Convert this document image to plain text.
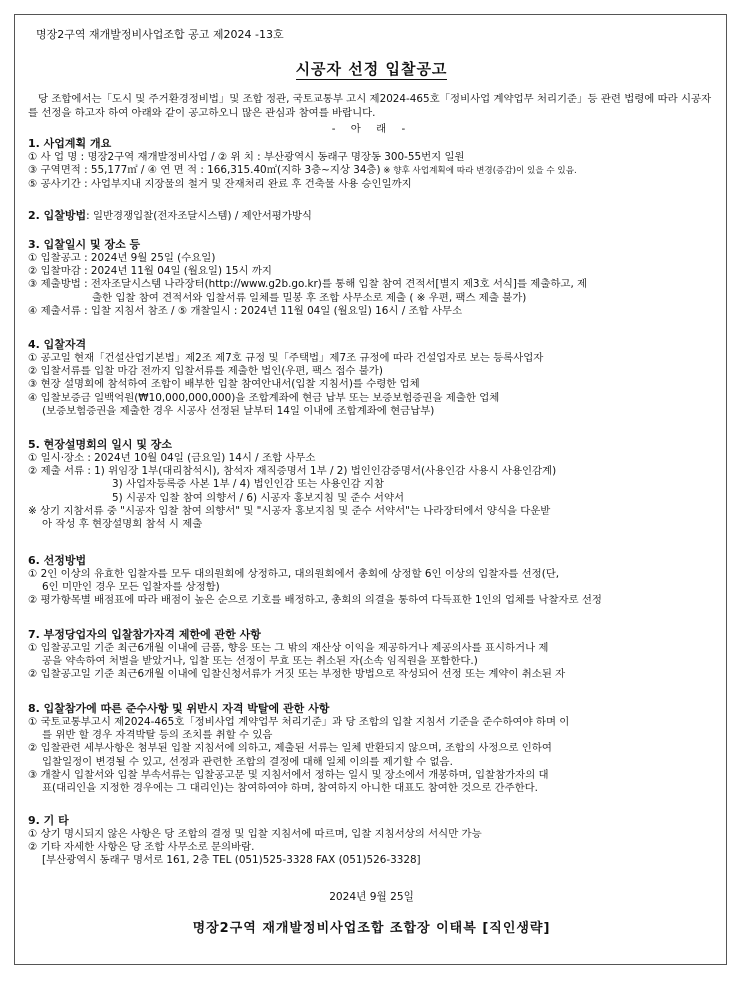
명장2구역 재개발정비사업조합 공고 제2024 -13호
시공자 선정 입찰공고
당 조합에서는「도시 및 주거환경정비법」및 조합 정관, 국토교통부 고시 제2024-465호「정비사업 계약업무 처리기준」등 관련 법령에 따라 시공자를 선정을 하고자 하여 아래와 같이 공고하오니 많은 관심과 참여를 바랍니다.
- 아 래 -
1. 사업계획 개요
① 사 업 명 : 명장2구역 재개발정비사업 / ② 위 치 : 부산광역시 동래구 명장동 300-55번지 일원
③ 구역면적 : 55,177㎡ / ④ 연 면 적 : 166,315.40㎡(지하 3층~지상 34층) ※ 향후 사업계획에 따라 변경(증감)이 있을 수 있음.
⑤ 공사기간 : 사업부지내 지장물의 철거 및 잔재처리 완료 후 건축물 사용 승인일까지
2. 입찰방법: 일반경쟁입찰(전자조달시스템) / 제안서평가방식
3. 입찰일시 및 장소 등
① 입찰공고 : 2024년 9월 25일 (수요일)
② 입찰마감 : 2024년 11월 04일 (월요일) 15시 까지
③ 제출방법 : 전자조달시스템 나라장터(http://www.g2b.go.kr)를 통해 입찰 참여 견적서[별지 제3호 서식]를 제출하고, 제
출한 입찰 참여 견적서와 입찰서류 일체를 밀봉 후 조합 사무소로 제출 ( ※ 우편, 팩스 제출 불가)
④ 제출서류 : 입찰 지침서 참조 / ⑤ 개찰일시 : 2024년 11월 04일 (월요일) 16시 / 조합 사무소
4. 입찰자격
① 공고일 현재「건설산업기본법」제2조 제7호 규정 및「주택법」제7조 규정에 따라 건설업자로 보는 등록사업자
② 입찰서류를 입찰 마감 전까지 입찰서류를 제출한 법인(우편, 팩스 접수 불가)
③ 현장 설명회에 참석하여 조합이 배부한 입찰 참여안내서(입찰 지침서)를 수령한 업체
④ 입찰보증금 일백억원(₩10,000,000,000)을 조합계좌에 현금 납부 또는 보증보험증권을 제출한 업체
(보증보험증권을 제출한 경우 시공사 선정된 날부터 14일 이내에 조합계좌에 현금납부)
5. 현장설명회의 일시 및 장소
① 일시·장소 : 2024년 10월 04일 (금요일) 14시 / 조합 사무소
② 제출 서류 : 1) 위임장 1부(대리참석시), 참석자 재직증명서 1부 / 2) 법인인감증명서(사용인감 사용시 사용인감계)
3) 사업자등록증 사본 1부 / 4) 법인인감 또는 사용인감 지참
5) 시공자 입찰 참여 의향서 / 6) 시공자 홍보지침 및 준수 서약서
※ 상기 지참서류 중 "시공자 입찰 참여 의향서" 및 "시공자 홍보지침 및 준수 서약서"는 나라장터에서 양식을 다운받
아 작성 후 현장설명회 참석 시 제출
6. 선정방법
① 2인 이상의 유효한 입찰자를 모두 대의원회에 상정하고, 대의원회에서 총회에 상정할 6인 이상의 입찰자를 선정(단,
6인 미만인 경우 모든 입찰자를 상정함)
② 평가항목별 배점표에 따라 배점이 높은 순으로 기호를 배정하고, 총회의 의결을 통하여 다득표한 1인의 업체를 낙찰자로 선정
7. 부정당업자의 입찰참가자격 제한에 관한 사항
① 입찰공고일 기준 최근6개월 이내에 금품, 향응 또는 그 밖의 재산상 이익을 제공하거나 제공의사를 표시하거나 제
공을 약속하여 처벌을 받았거나, 입찰 또는 선정이 무효 또는 취소된 자(소속 임직원을 포함한다.)
② 입찰공고일 기준 최근6개월 이내에 입찰신청서류가 거짓 또는 부정한 방법으로 작성되어 선정 또는 계약이 취소된 자
8. 입찰참가에 따른 준수사항 및 위반시 자격 박탈에 관한 사항
① 국토교통부고시 제2024-465호「정비사업 계약업무 처리기준」과 당 조합의 입찰 지침서 기준을 준수하여야 하며 이
를 위반 할 경우 자격박탈 등의 조치를 취할 수 있음
② 입찰관련 세부사항은 첨부된 입찰 지침서에 의하고, 제출된 서류는 일체 반환되지 않으며, 조합의 사정으로 인하여
입찰일정이 변경될 수 있고, 선정과 관련한 조합의 결정에 대해 일체 이의를 제기할 수 없음.
③ 개찰시 입찰서와 입찰 부속서류는 입찰공고문 및 지침서에서 정하는 일시 및 장소에서 개봉하며, 입찰참가자의 대
표(대리인을 지정한 경우에는 그 대리인)는 참여하여야 하며, 참여하지 아니한 대표도 참여한 것으로 간주한다.
9. 기 타
① 상기 명시되지 않은 사항은 당 조합의 결정 및 입찰 지침서에 따르며, 입찰 지침서상의 서식만 가능
② 기타 자세한 사항은 당 조합 사무소로 문의바람.
[부산광역시 동래구 명서로 161, 2층 TEL (051)525-3328 FAX (051)526-3328]
2024년 9월 25일
명장2구역 재개발정비사업조합 조합장 이태복 [직인생략]
